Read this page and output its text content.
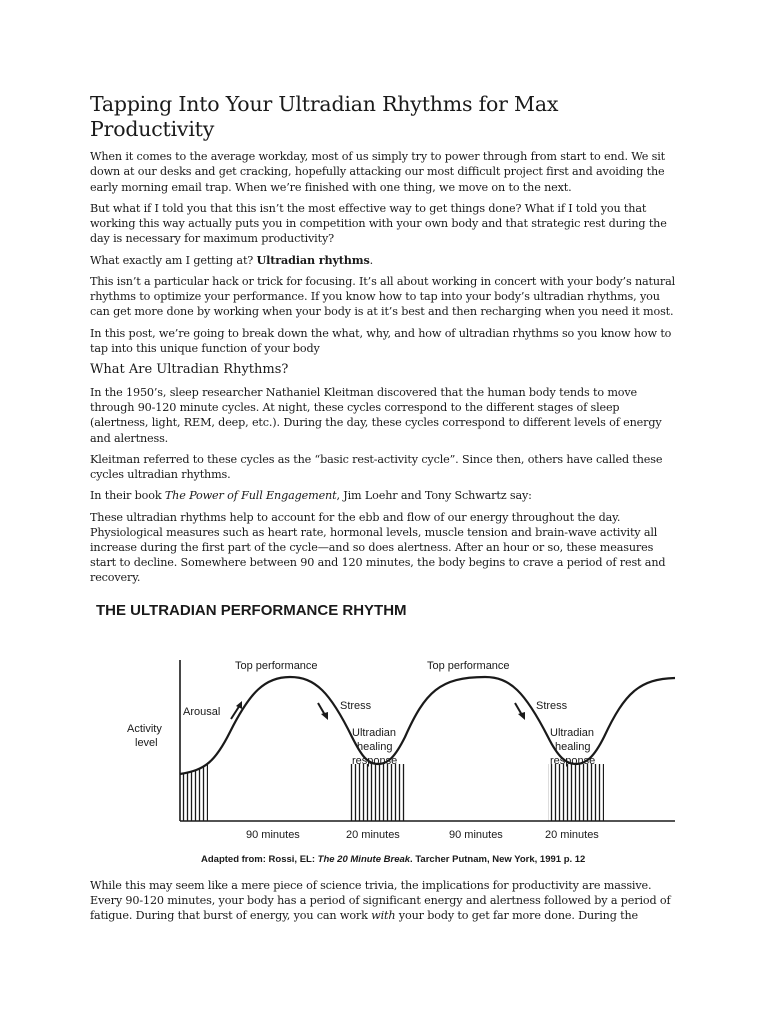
Tapping Into Your Ultradian Rhythms for Max Productivity

When it comes to the average workday, most of us simply try to power through from start to end. We sit down at our desks and get cracking, hopefully attacking our most difficult project first and avoiding the early morning email trap. When we’re finished with one thing, we move on to the next.

But what if I told you that this isn’t the most effective way to get things done? What if I told you that working this way actually puts you in competition with your own body and that strategic rest during the day is necessary for maximum productivity?

What exactly am I getting at? Ultradian rhythms.

This isn’t a particular hack or trick for focusing. It’s all about working in concert with your body’s natural rhythms to optimize your performance. If you know how to tap into your body’s ultradian rhythms, you can get more done by working when your body is at it’s best and then recharging when you need it most.

In this post, we’re going to break down the what, why, and how of ultradian rhythms so you know how to tap into this unique function of your body

What Are Ultradian Rhythms?

In the 1950’s, sleep researcher Nathaniel Kleitman discovered that the human body tends to move through 90-120 minute cycles. At night, these cycles correspond to the different stages of sleep (alertness, light, REM, deep, etc.). During the day, these cycles correspond to different levels of energy and alertness.

Kleitman referred to these cycles as the “basic rest-activity cycle”. Since then, others have called these cycles ultradian rhythms.

In their book The Power of Full Engagement, Jim Loehr and Tony Schwartz say:

These ultradian rhythms help to account for the ebb and flow of our energy throughout the day. Physiological measures such as heart rate, hormonal levels, muscle tension and brain-wave activity all increase during the first part of the cycle—and so does alertness. After an hour or so, these measures start to decline. Somewhere between 90 and 120 minutes, the body begins to crave a period of rest and recovery.

THE ULTRADIAN PERFORMANCE RHYTHM
Activity
level
Top performance	Top performance
Arousal	Stress	Stress
Ultradian
healing
response
Ultradian
healing
response
90 minutes	20 minutes	90 minutes	20 minutes
Adapted from: Rossi, EL: The 20 Minute Break. Tarcher Putnam, New York, 1991 p. 12

While this may seem like a mere piece of science trivia, the implications for productivity are massive. Every 90-120 minutes, your body has a period of significant energy and alertness followed by a period of fatigue. During that burst of energy, you can work with your body to get far more done. During the
